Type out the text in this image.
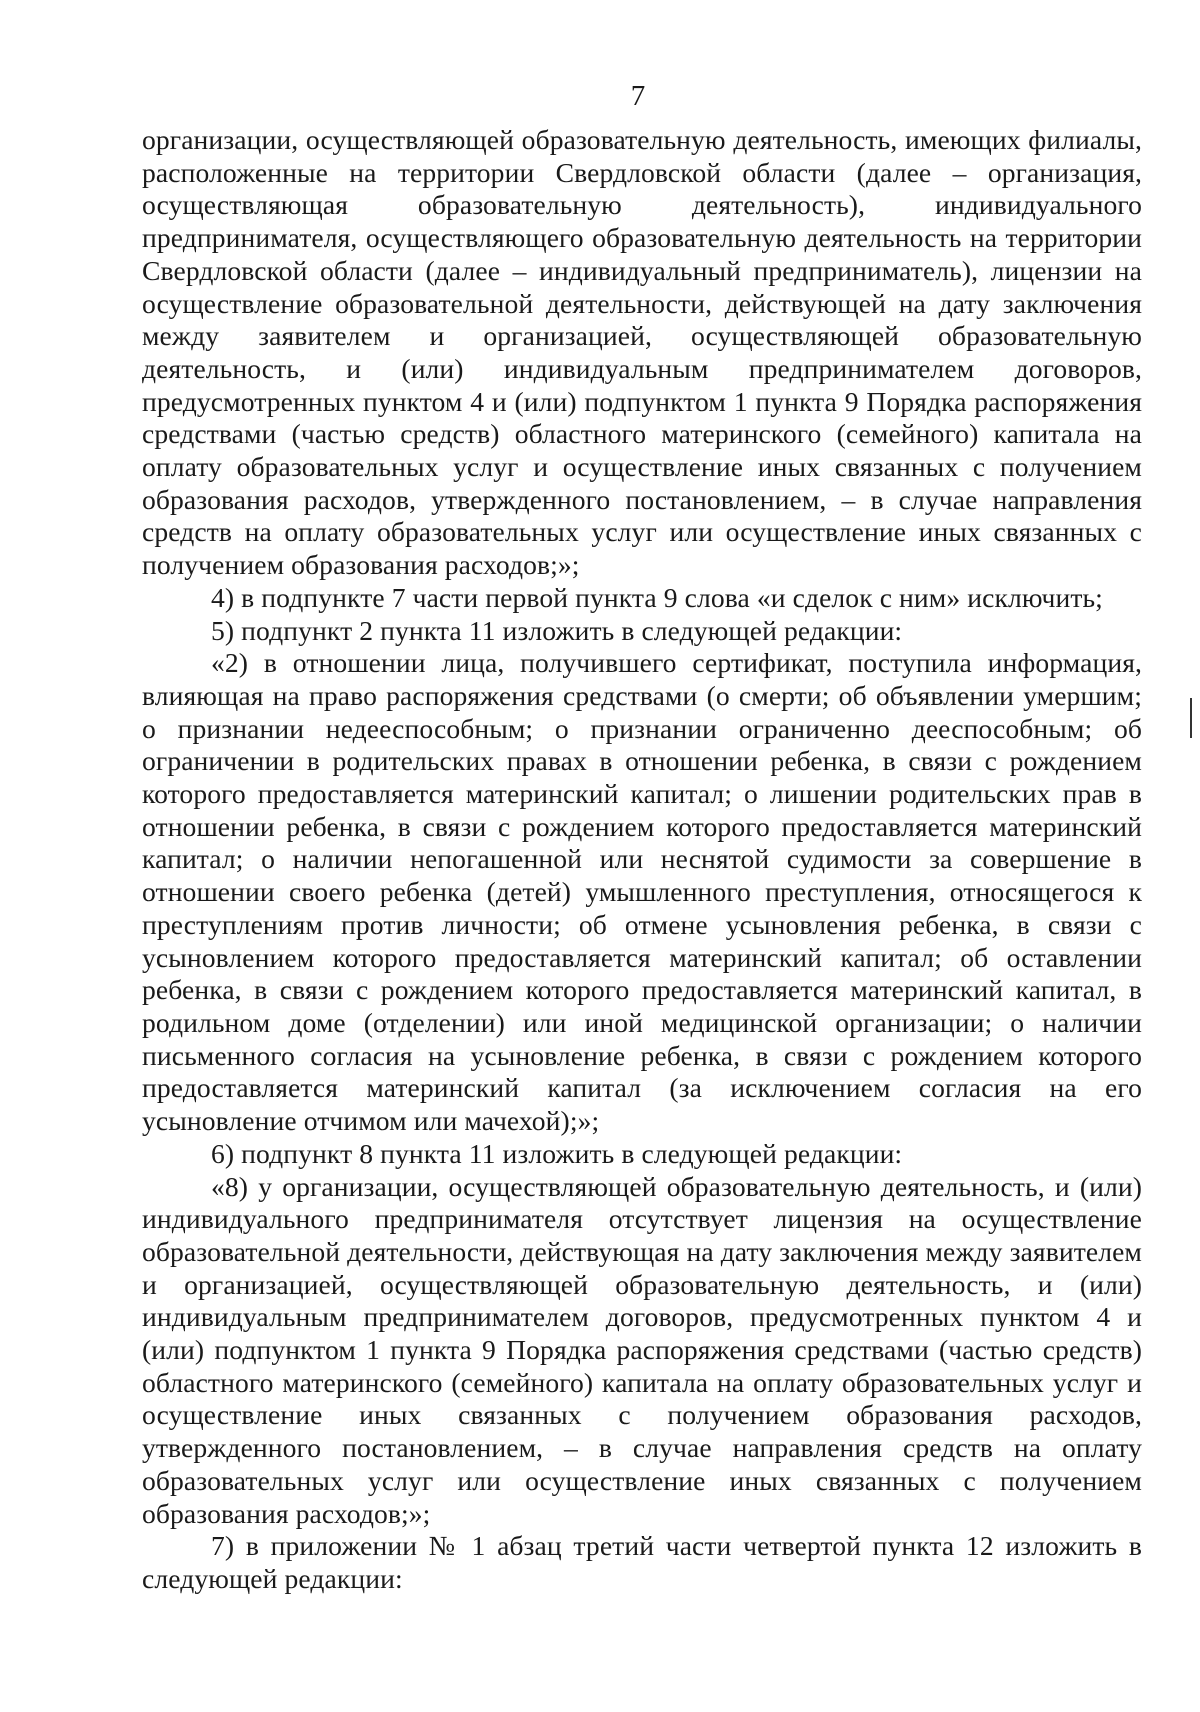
7

организации, осуществляющей образовательную деятельность, имеющих филиалы, расположенные на территории Свердловской области (далее – организация, осуществляющая образовательную деятельность), индивидуального предпринимателя, осуществляющего образовательную деятельность на территории Свердловской области (далее – индивидуальный предприниматель), лицензии на осуществление образовательной деятельности, действующей на дату заключения между заявителем и организацией, осуществляющей образовательную деятельность, и (или) индивидуальным предпринимателем договоров, предусмотренных пунктом 4 и (или) подпунктом 1 пункта 9 Порядка распоряжения средствами (частью средств) областного материнского (семейного) капитала на оплату образовательных услуг и осуществление иных связанных с получением образования расходов, утвержденного постановлением, – в случае направления средств на оплату образовательных услуг или осуществление иных связанных с получением образования расходов;»;

4) в подпункте 7 части первой пункта 9 слова «и сделок с ним» исключить;

5) подпункт 2 пункта 11 изложить в следующей редакции:

«2) в отношении лица, получившего сертификат, поступила информация, влияющая на право распоряжения средствами (о смерти; об объявлении умершим; о признании недееспособным; о признании ограниченно дееспособным; об ограничении в родительских правах в отношении ребенка, в связи с рождением которого предоставляется материнский капитал; о лишении родительских прав в отношении ребенка, в связи с рождением которого предоставляется материнский капитал; о наличии непогашенной или неснятой судимости за совершение в отношении своего ребенка (детей) умышленного преступления, относящегося к преступлениям против личности; об отмене усыновления ребенка, в связи с усыновлением которого предоставляется материнский капитал; об оставлении ребенка, в связи с рождением которого предоставляется материнский капитал, в родильном доме (отделении) или иной медицинской организации; о наличии письменного согласия на усыновление ребенка, в связи с рождением которого предоставляется материнский капитал (за исключением согласия на его усыновление отчимом или мачехой);»;

6) подпункт 8 пункта 11 изложить в следующей редакции:

«8) у организации, осуществляющей образовательную деятельность, и (или) индивидуального предпринимателя отсутствует лицензия на осуществление образовательной деятельности, действующая на дату заключения между заявителем и организацией, осуществляющей образовательную деятельность, и (или) индивидуальным предпринимателем договоров, предусмотренных пунктом 4 и (или) подпунктом 1 пункта 9 Порядка распоряжения средствами (частью средств) областного материнского (семейного) капитала на оплату образовательных услуг и осуществление иных связанных с получением образования расходов, утвержденного постановлением, – в случае направления средств на оплату образовательных услуг или осуществление иных связанных с получением образования расходов;»;

7) в приложении № 1 абзац третий части четвертой пункта 12 изложить в следующей редакции:
